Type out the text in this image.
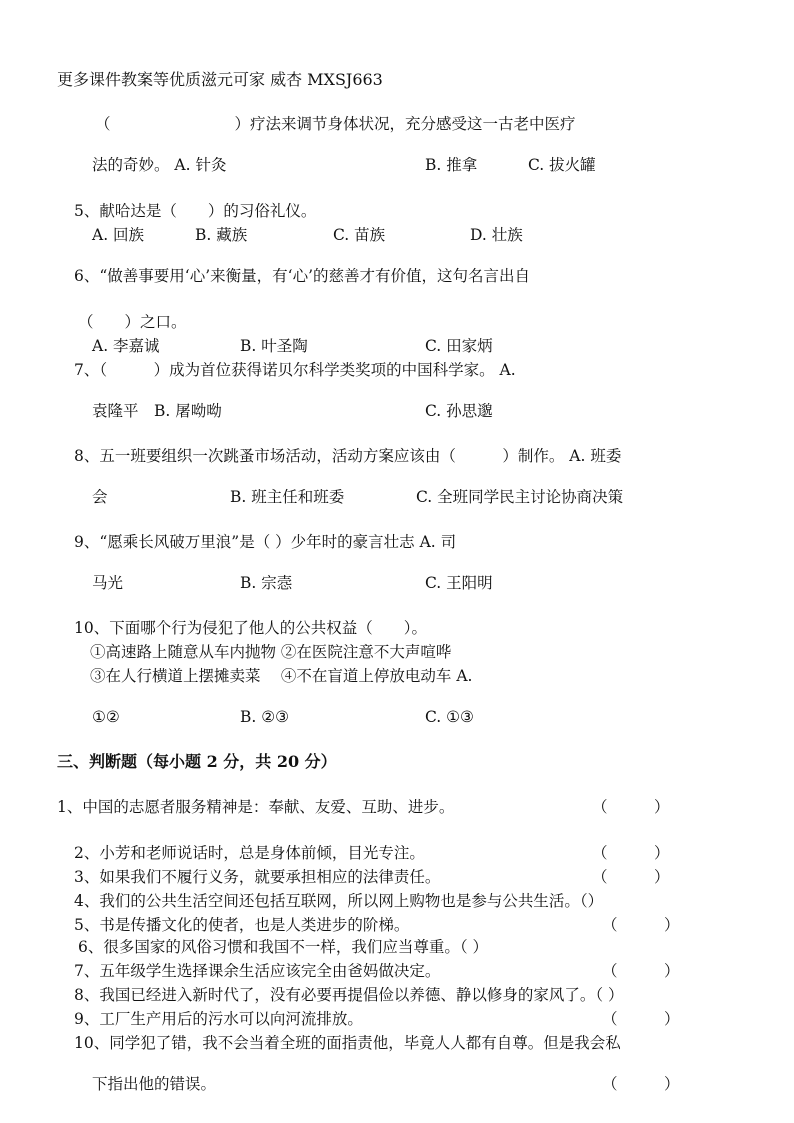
更多课件教案等优质滋元可家 威杏 MXSJ663
（　　　　　　　　）疗法来调节身体状况，充分感受这一古老中医疗
法的奇妙。 A. 针灸	B. 推拿	C. 拔火罐
5、献哈达是（　　）的习俗礼仪。
A. 回族	B. 藏族	C. 苗族	D. 壮族
6、“做善事要用‘心’来衡量，有‘心’的慈善才有价值，这句名言出自
（　　）之口。
A. 李嘉诚	B. 叶圣陶	C. 田家炳
7、（　　　）成为首位获得诺贝尔科学类奖项的中国科学家。 A.
袁隆平　B. 屠呦呦	C. 孙思邈
8、五一班要组织一次跳蚤市场活动，活动方案应该由（　　　）制作。 A. 班委
会	B. 班主任和班委	C. 全班同学民主讨论协商决策
9、“愿乘长风破万里浪”是（ ）少年时的豪言壮志 A. 司
马光	B. 宗悫	C. 王阳明
10、下面哪个行为侵犯了他人的公共权益（　　）。
①高速路上随意从车内抛物 ②在医院注意不大声喧哗
③在人行横道上摆摊卖菜　 ④不在盲道上停放电动车 A.
①②	B. ②③	C. ①③
三、判断题（每小题 2 分，共 20 分）
1、中国的志愿者服务精神是：奉献、友爱、互助、进步。	（　　　）
2、小芳和老师说话时，总是身体前倾，目光专注。	（　　　）
3、如果我们不履行义务，就要承担相应的法律责任。	（　　　）
4、我们的公共生活空间还包括互联网，所以网上购物也是参与公共生活。（）
5、书是传播文化的使者，也是人类进步的阶梯。	（　　　）
6、很多国家的风俗习惯和我国不一样，我们应当尊重。（ ）
7、五年级学生选择课余生活应该完全由爸妈做决定。	（　　　）
8、我国已经进入新时代了，没有必要再提倡俭以养德、静以修身的家风了。（ ）
9、工厂生产用后的污水可以向河流排放。	（　　　）
10、同学犯了错，我不会当着全班的面指责他，毕竟人人都有自尊。但是我会私
下指出他的错误。	（　　　）
